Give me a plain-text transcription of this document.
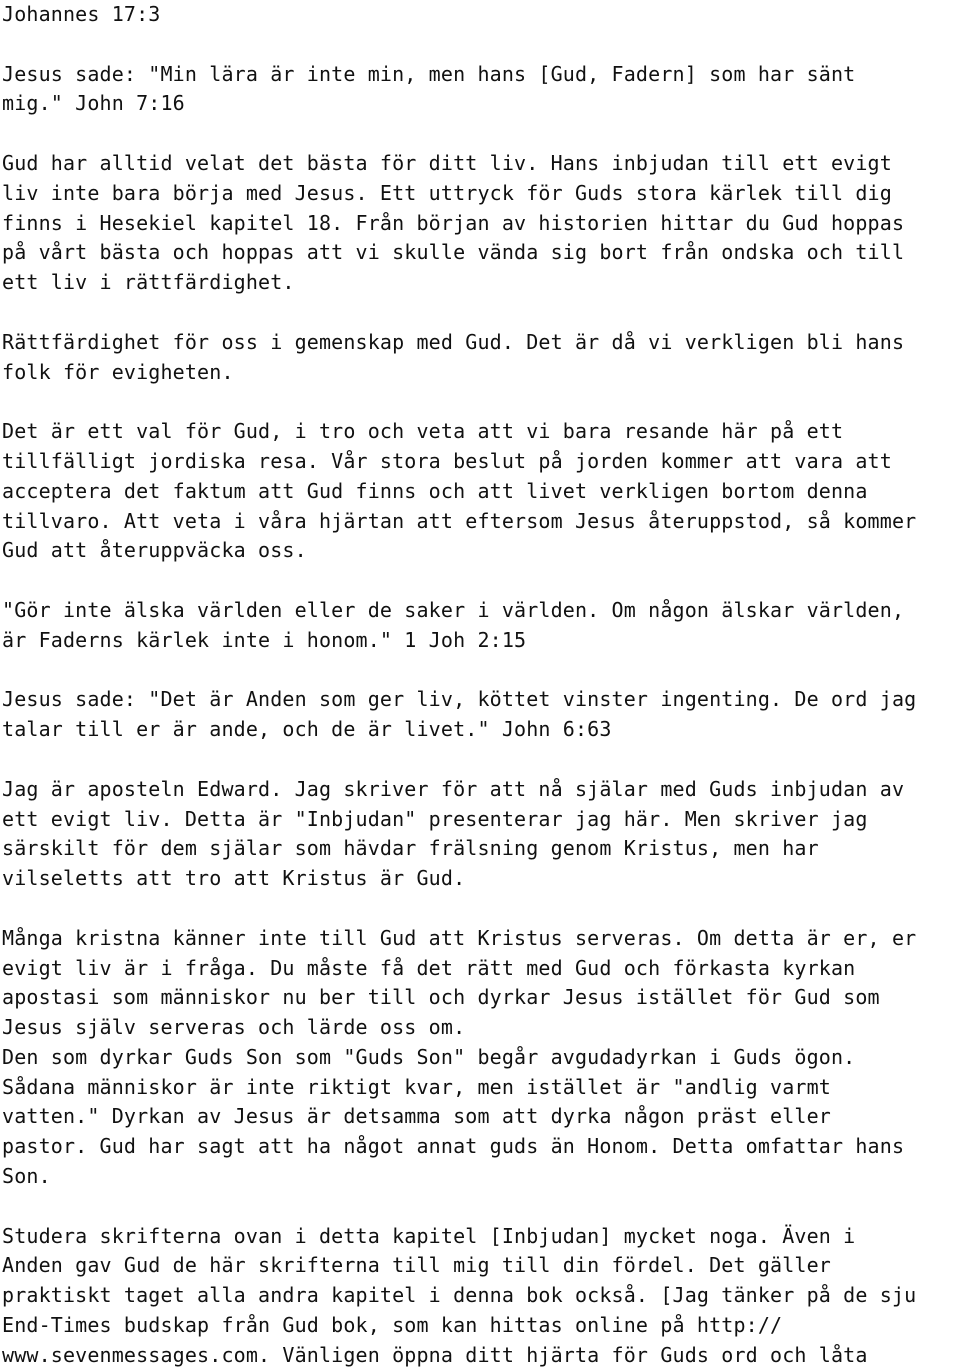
Johannes 17:3

Jesus sade: "Min lära är inte min, men hans [Gud, Fadern] som har sänt
mig." John 7:16

Gud har alltid velat det bästa för ditt liv. Hans inbjudan till ett evigt
liv inte bara börja med Jesus. Ett uttryck för Guds stora kärlek till dig
finns i Hesekiel kapitel 18. Från början av historien hittar du Gud hoppas
på vårt bästa och hoppas att vi skulle vända sig bort från ondska och till
ett liv i rättfärdighet.

Rättfärdighet för oss i gemenskap med Gud. Det är då vi verkligen bli hans
folk för evigheten.

Det är ett val för Gud, i tro och veta att vi bara resande här på ett
tillfälligt jordiska resa. Vår stora beslut på jorden kommer att vara att
acceptera det faktum att Gud finns och att livet verkligen bortom denna
tillvaro. Att veta i våra hjärtan att eftersom Jesus återuppstod, så kommer
Gud att återuppväcka oss.

"Gör inte älska världen eller de saker i världen. Om någon älskar världen,
är Faderns kärlek inte i honom." 1 Joh 2:15

Jesus sade: "Det är Anden som ger liv, köttet vinster ingenting. De ord jag
talar till er är ande, och de är livet." John 6:63

Jag är aposteln Edward. Jag skriver för att nå själar med Guds inbjudan av
ett evigt liv. Detta är "Inbjudan" presenterar jag här. Men skriver jag
särskilt för dem själar som hävdar frälsning genom Kristus, men har
vilseletts att tro att Kristus är Gud.

Många kristna känner inte till Gud att Kristus serveras. Om detta är er, er
evigt liv är i fråga. Du måste få det rätt med Gud och förkasta kyrkan
apostasi som människor nu ber till och dyrkar Jesus istället för Gud som
Jesus själv serveras och lärde oss om.
Den som dyrkar Guds Son som "Guds Son" begår avgudadyrkan i Guds ögon.
Sådana människor är inte riktigt kvar, men istället är "andlig varmt
vatten." Dyrkan av Jesus är detsamma som att dyrka någon präst eller
pastor. Gud har sagt att ha något annat guds än Honom. Detta omfattar hans
Son.

Studera skrifterna ovan i detta kapitel [Inbjudan] mycket noga. Även i
Anden gav Gud de här skrifterna till mig till din fördel. Det gäller
praktiskt taget alla andra kapitel i denna bok också. [Jag tänker på de sju
End-Times budskap från Gud bok, som kan hittas online på http://
www.sevenmessages.com. Vänligen öppna ditt hjärta för Guds ord och låta
